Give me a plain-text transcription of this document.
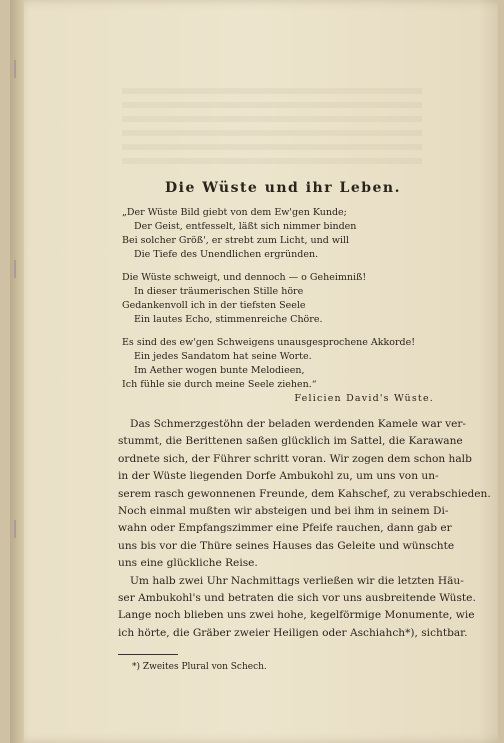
Die Wüste und ihr Leben.
„Der Wüste Bild giebt von dem Ew'gen Kunde;
Der Geist, entfesselt, läßt sich nimmer binden
Bei solcher Größ', er strebt zum Licht, und will
Die Tiefe des Unendlichen ergründen.
Die Wüste schweigt, und dennoch — o Geheimniß!
In dieser träumerischen Stille höre
Gedankenvoll ich in der tiefsten Seele
Ein lautes Echo, stimmenreiche Chöre.
Es sind des ew'gen Schweigens unausgesprochene Akkorde!
Ein jedes Sandatom hat seine Worte.
Im Aether wogen bunte Melodieen,
Ich fühle sie durch meine Seele ziehen.“
Felicien David's Wüste.
Das Schmerzgestöhn der beladen werdenden Kamele war ver-
stummt, die Berittenen saßen glücklich im Sattel, die Karawane
ordnete sich, der Führer schritt voran. Wir zogen dem schon halb
in der Wüste liegenden Dorfe Ambukohl zu, um uns von un-
serem rasch gewonnenen Freunde, dem Kahschef, zu verabschieden.
Noch einmal mußten wir absteigen und bei ihm in seinem Di-
wahn oder Empfangszimmer eine Pfeife rauchen, dann gab er
uns bis vor die Thüre seines Hauses das Geleite und wünschte
uns eine glückliche Reise.
Um halb zwei Uhr Nachmittags verließen wir die letzten Häu-
ser Ambukohl's und betraten die sich vor uns ausbreitende Wüste.
Lange noch blieben uns zwei hohe, kegelförmige Monumente, wie
ich hörte, die Gräber zweier Heiligen oder Aschiahch*), sichtbar.
*) Zweites Plural von Schech.
